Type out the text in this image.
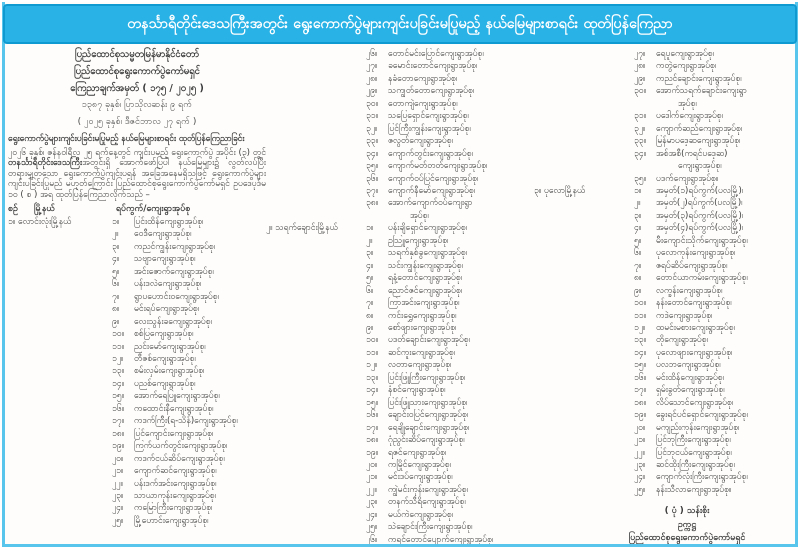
တနင်္သာရီတိုင်းဒေသကြီးအတွင်း ရွေးကောက်ပွဲများကျင်းပခြင်းမပြုမည့် နယ်မြေများစာရင်း ထုတ်ပြန်ကြေညာ
ပြည်ထောင်စုသမ္မတမြန်မာနိုင်ငံတော်
ပြည်ထောင်စုရွေးကောက်ပွဲကော်မရှင်
ကြေညာချက်အမှတ် ( ၁၇၅ / ၂၀၂၅ )
၁၃၈၇ ခုနှစ်၊ ပြာသိုလဆန်း ၉ ရက်
( ၂၀၂၅ ခုနှစ်၊ ဒီဇင်ဘာလ ၂၇ ရက် )
ရွေးကောက်ပွဲများကျင်းပခြင်းမပြုမည့် နယ်မြေများစာရင်း ထုတ်ပြန်ကြေညာခြင်း
၂၀၂၆ ခုနှစ်၊ ဇန်နဝါရီလ ၂၅ ရက်နေ့တွင် ကျင်းပမည့် ရွေးကောက်ပွဲ အပိုင်း (၃) တွင် တနင်္သာရီတိုင်းဒေသကြီးအတွင်းရှိ အောက်ဖော်ပြပါ နယ်မြေများ၌ လွတ်လပ်ပြီးတရားမျှတသော ရွေးကောက်ပွဲကျင်းပရန် အခြေအနေမရှိသဖြင့် ရွေးကောက်ပွဲများကျင်းပခြင်းပြုမည် မဟုတ်ကြောင်း ပြည်ထောင်စုရွေးကောက်ပွဲကော်မရှင် ဥပဒေပုဒ်မ ၁၀ ( စ ) အရ ထုတ်ပြန်ကြေညာလိုက်သည် –
စဉ်	မြို့နယ်	ရပ်ကွက်/ကျေးရွာအုပ်စု
၁။ လောင်းလုံးမြို့နယ်	၁။	ပြင်းထိန်ကျေးရွာအုပ်စု၊
၂။	ဝေဒီကျေးရွာအုပ်စု၊
၃။	ကညင်ကျွန်းကျေးရွာအုပ်စု၊
၄။	သဗျာကျေးရွာအုပ်စု၊
၅။	အင်းဇောက်ကျေးရွာအုပ်စု၊
၆။	ပန်းဒလဲကျေးရွာအုပ်စု၊
၇။	ရွာပဟောင်းဝကျေးရွာအုပ်စု၊
၈။	မင်းရပ်ကျေးရွာအုပ်စု၊
၉။	လေးသွန်းခကျေးရွာအုပ်စု၊
၁၀။	စစ်ပြကျေးရွာအုပ်စု၊
၁၁။	ညင်းမော်ကျေးရွာအုပ်စု၊
၁၂။	တီဇစ်ကျေးရွာအုပ်စု၊
၁၃။	စမ်းလှမ်းကျေးရွာအုပ်စု၊
၁၄။	ပညစ်ကျေးရွာအုပ်စု၊
၁၅။	အောက်ရေပြူကျေးရွာအုပ်စု၊
၁၆။	ကထောင်းနီကျေးရွာအုပ်စု၊
၁၇။	ကဒက်ကြီး(ရ-သိန်)ကျေးရွာအုပ်စု၊
၁၈။	ပြင်ကျောင်းကျေးရွာအုပ်စု၊
၁၉။	ကြက်ယက်တွင်းကျေးရွာအုပ်စု၊
၂၀။	ကဒက်ငယ်ဆိပ်ကျေးရွာအုပ်စု၊
၂၁။	ကျောက်ဆင်ကျေးရွာအုပ်စု၊
၂၂။	ပန်းဒက်အင်းကျေးရွာအုပ်စု၊
၂၃။	သာယာကုန်းကျေးရွာအုပ်စု၊
၂၄။	ကမြောကြီးကျေးရွာအုပ်စု၊
၂၅။	မြို့ဟောင်းကျေးရွာအုပ်စု၊
၂၆။	တောင်မင်းပြောင်ကျေးရွာအုပ်စု၊
၂၇။	ခမောင်းတောင်ကျေးရွာအုပ်စု၊
၂၈။	နခံတောကျေးရွာအုပ်စု၊
၂၉။	သကျွတ်တောကျေးရွာအုပ်စု၊
၃၀။	တောကျဲကျေးရွာအုပ်စု၊
၃၁။	သပြေရှောင်ကျေးရွာအုပ်စု၊
၃၂။	ပြင်ကြီးကျွန်းကျေးရွာအုပ်စု၊
၃၃။	ဇလွတ်ကျေးရွာအုပ်စု၊
၃၄။	ကျောက်တွင်းကျေးရွာအုပ်စု၊
၃၅။	ကျောက်မတ်တတ်ကျေးရွာအုပ်စု၊
၃၆။	ကျောက်ဝပ်ပြင်ကျေးရွာအုပ်စု၊
၃၇။	ကျောက်နီမော်ကျေးရွာအုပ်စု၊
၃၈။	အောက်ကျောက်ဝပ်ကျေးရွာ
အုပ်စု၊
၂။ သရက်ချောင်းမြို့နယ်	၁။	ပန်းချိရှောင်ကျေးရွာအုပ်စု၊
၂။	ဥဩူကျေးရွာအုပ်စု၊
၃။	သရက်နှစ်ခွကျေးရွာအုပ်စု၊
၄။	သင်းကျွန်းကျေးရွာအုပ်စု၊
၅။	ရနံ့တောင်ကျေးရွာအုပ်စု၊
၆။	ညောင်ဇင်ကျေးရွာအုပ်စု၊
၇။	ကြာအင်းကျေးရွာအုပ်စု၊
၈။	ကင်းရွှေကျေးရွာအုပ်စု၊
၉။	စော်ဖျားကျေးရွာအုပ်စု၊
၁၀။	ပဒတ်ချောင်းကျေးရွာအုပ်စု၊
၁၁။	ဆင်ကူးကျေးရွာအုပ်စု၊
၁၂။	လတာကျေးရွာအုပ်စု၊
၁၃။	ပြင်းဖြူကြီးကျေးရွာအုပ်စု၊
၁၄။	နံစင်ကျေးရွာအုပ်စု၊
၁၅။	ပြင်းဖြူသားကျေးရွာအုပ်စု၊
၁၆။	ချောင်းဝပြင်ကျေးရွာအုပ်စု၊
၁၇။	ရေချိုချောင်းကျေးရွာအုပ်စု၊
၁၈။	ဂုံညွင်းဆိပ်ကျေးရွာအုပ်စု၊
၁၉။	ရဇင်ကျေးရွာအုပ်စု၊
၂၀။	ကမြိုင်ကျေးရွာအုပ်စု၊
၂၁။	မင်းဒပ်ကျေးရွာအုပ်စု၊
၂၂။	ကျွဲမင်းကုန်းကျေးရွာအုပ်စု၊
၂၃။	တနက်သီရိကျေးရွာအုပ်စု၊
၂၄။	မယ်ကဲကျေးရွာအုပ်စု၊
၂၅။	သဲချောင်းကြီးကျေးရွာအုပ်စု၊
၂၆။	ကရင်တောင်ပျောက်ကျေးရွာအုပ်စု၊
၂၇။	ရေပူကျေးရွာအုပ်စု၊
၂၈။	ကတွဲကျေးရွာအုပ်စု၊
၂၉။	ကညင်ချောင်းကျေးရွာအုပ်စု၊
၃၀။	အောက်သရက်ချောင်းကျေးရွာ
အုပ်စု၊
၃၁။	ပဒေါက်ကျေးရွာအုပ်စု၊
၃၂။	ကျောက်ဆည်ကျေးရွာအုပ်စု၊
၃၃။	မြန်မာပဒေ့ဆကျေးရွာအုပ်စု၊
၃၄။	အစ်အစီ(ကရင်ပဒေ့ဆ)
ကျေးရွာအုပ်စု၊
၃၅။	ပဒက်ကျေးရွာအုပ်စု။
၃။ ပုလောမြို့နယ်	၁။	အမှတ်(၁)ရပ်ကွက်(ပလမြို့)၊
၂။	အမှတ်(၂)ရပ်ကွက်(ပလမြို့)၊
၃။	အမှတ်(၃)ရပ်ကွက်(ပလမြို့)၊
၄။	အမှတ်(၄)ရပ်ကွက်(ပလမြို့)၊
၅။	မီးကျောင်းသိုက်ကျေးရွာအုပ်စု၊
၆။	ပုလောကုန်းကျေးရွာအုပ်စု၊
၇။	ဇရပ်ဆိပ်ကျေးရွာအုပ်စု၊
၈။	တောင်ယာကမ်းကျေးရွာအုပ်စု၊
၉။	လက္ခန်းကျေးရွာအုပ်စု၊
၁၀။	နန်းတောင်ကျေးရွာအုပ်စု၊
၁၁။	ကဒဲကျေးရွာအုပ်စု၊
၁၂။	ထမင်းမစားကျေးရွာအုပ်စု၊
၁၃။	တိုကျေးရွာအုပ်စု၊
၁၄။	ပုလောဖျားကျေးရွာအုပ်စု၊
၁၅။	ပလဘကျေးရွာအုပ်စု၊
၁၆။	မင်းထိန်ကျေးရွာအုပ်စု၊
၁၇။	ရှမ်းခွတ်ကျေးရွာအုပ်စု၊
၁၈။	လိပ်သောင်ကျေးရွာအုပ်စု၊
၁၉။	ခွေးရင်ပင်ရှောင်ကျေးရွာအုပ်စု၊
၂၀။	မကျည်းကုန်းကျေးရွာအုပ်စု၊
၂၁။	ပြင်ဘုကြီးကျေးရွာအုပ်စု၊
၂၂။	ပြင်ဘုငယ်ကျေးရွာအုပ်စု၊
၂၃။	ဆင်ထိုးကြီးကျေးရွာအုပ်စု၊
၂၄။	ကျောက်လုံးကြီးကျေးရွာအုပ်စု၊
၂၅။	နန်းသီလာကျေးရွာအုပ်စု။
( ပုံ ) သန်းစိုး
ဥက္ကဋ္ဌ
ပြည်ထောင်စုရွေးကောက်ပွဲကော်မရှင်
